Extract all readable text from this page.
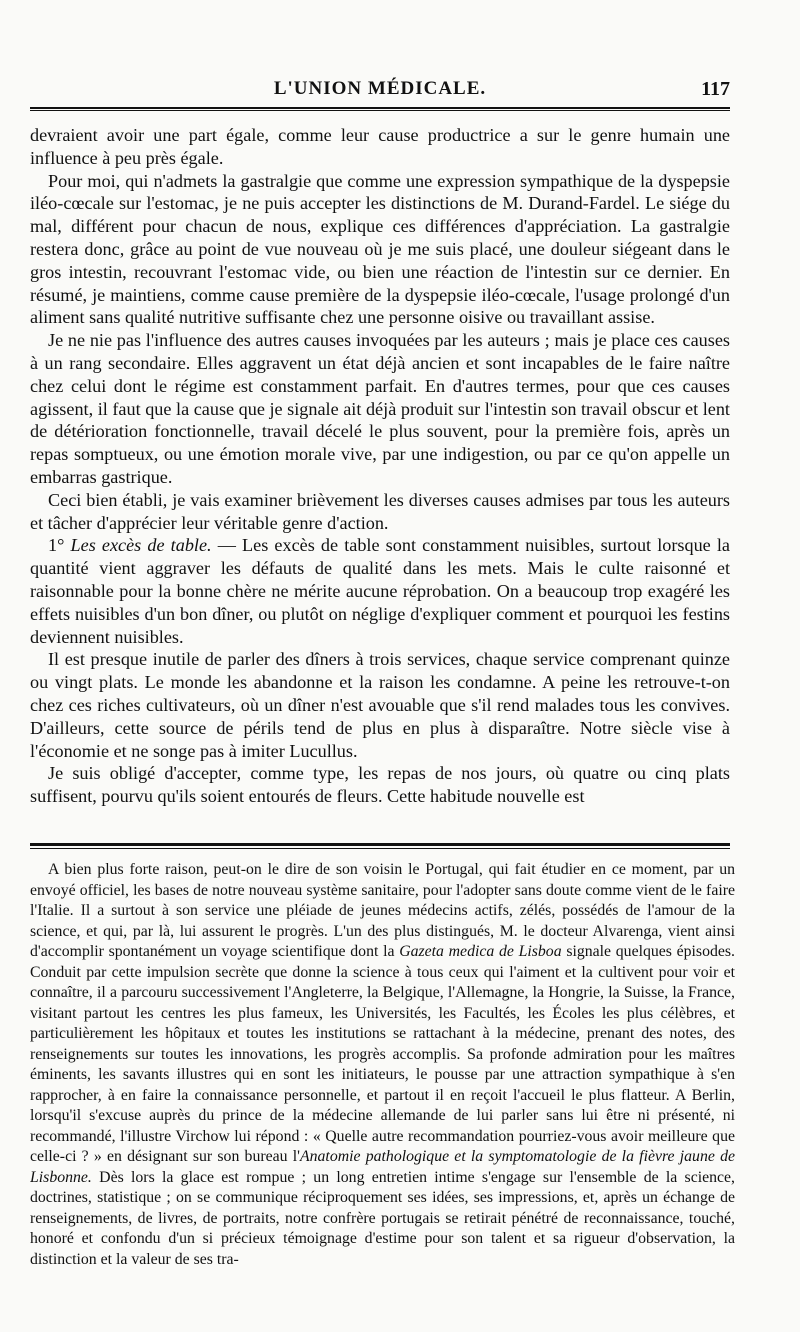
L'UNION MÉDICALE.	117

devraient avoir une part égale, comme leur cause productrice a sur le genre humain une influence à peu près égale.

Pour moi, qui n'admets la gastralgie que comme une expression sympathique de la dyspepsie iléo-cœcale sur l'estomac, je ne puis accepter les distinctions de M. Durand-Fardel. Le siége du mal, différent pour chacun de nous, explique ces différences d'appréciation. La gastralgie restera donc, grâce au point de vue nouveau où je me suis placé, une douleur siégeant dans le gros intestin, recouvrant l'estomac vide, ou bien une réaction de l'intestin sur ce dernier. En résumé, je maintiens, comme cause première de la dyspepsie iléo-cœcale, l'usage prolongé d'un aliment sans qualité nutritive suffisante chez une personne oisive ou travaillant assise.

Je ne nie pas l'influence des autres causes invoquées par les auteurs ; mais je place ces causes à un rang secondaire. Elles aggravent un état déjà ancien et sont incapables de le faire naître chez celui dont le régime est constamment parfait. En d'autres termes, pour que ces causes agissent, il faut que la cause que je signale ait déjà produit sur l'intestin son travail obscur et lent de détérioration fonctionnelle, travail décelé le plus souvent, pour la première fois, après un repas somptueux, ou une émotion morale vive, par une indigestion, ou par ce qu'on appelle un embarras gastrique.

Ceci bien établi, je vais examiner brièvement les diverses causes admises par tous les auteurs et tâcher d'apprécier leur véritable genre d'action.

1° Les excès de table. — Les excès de table sont constamment nuisibles, surtout lorsque la quantité vient aggraver les défauts de qualité dans les mets. Mais le culte raisonné et raisonnable pour la bonne chère ne mérite aucune réprobation. On a beaucoup trop exagéré les effets nuisibles d'un bon dîner, ou plutôt on néglige d'expliquer comment et pourquoi les festins deviennent nuisibles.

Il est presque inutile de parler des dîners à trois services, chaque service comprenant quinze ou vingt plats. Le monde les abandonne et la raison les condamne. A peine les retrouve-t-on chez ces riches cultivateurs, où un dîner n'est avouable que s'il rend malades tous les convives. D'ailleurs, cette source de périls tend de plus en plus à disparaître. Notre siècle vise à l'économie et ne songe pas à imiter Lucullus.

Je suis obligé d'accepter, comme type, les repas de nos jours, où quatre ou cinq plats suffisent, pourvu qu'ils soient entourés de fleurs. Cette habitude nouvelle est

A bien plus forte raison, peut-on le dire de son voisin le Portugal, qui fait étudier en ce moment, par un envoyé officiel, les bases de notre nouveau système sanitaire, pour l'adopter sans doute comme vient de le faire l'Italie. Il a surtout à son service une pléiade de jeunes médecins actifs, zélés, possédés de l'amour de la science, et qui, par là, lui assurent le progrès. L'un des plus distingués, M. le docteur Alvarenga, vient ainsi d'accomplir spontanément un voyage scientifique dont la Gazeta medica de Lisboa signale quelques épisodes. Conduit par cette impulsion secrète que donne la science à tous ceux qui l'aiment et la cultivent pour voir et connaître, il a parcouru successivement l'Angleterre, la Belgique, l'Allemagne, la Hongrie, la Suisse, la France, visitant partout les centres les plus fameux, les Universités, les Facultés, les Écoles les plus célèbres, et particulièrement les hôpitaux et toutes les institutions se rattachant à la médecine, prenant des notes, des renseignements sur toutes les innovations, les progrès accomplis. Sa profonde admiration pour les maîtres éminents, les savants illustres qui en sont les initiateurs, le pousse par une attraction sympathique à s'en rapprocher, à en faire la connaissance personnelle, et partout il en reçoit l'accueil le plus flatteur. A Berlin, lorsqu'il s'excuse auprès du prince de la médecine allemande de lui parler sans lui être ni présenté, ni recommandé, l'illustre Virchow lui répond : « Quelle autre recommandation pourriez-vous avoir meilleure que celle-ci ? » en désignant sur son bureau l'Anatomie pathologique et la symptomatologie de la fièvre jaune de Lisbonne. Dès lors la glace est rompue ; un long entretien intime s'engage sur l'ensemble de la science, doctrines, statistique ; on se communique réciproquement ses idées, ses impressions, et, après un échange de renseignements, de livres, de portraits, notre confrère portugais se retirait pénétré de reconnaissance, touché, honoré et confondu d'un si précieux témoignage d'estime pour son talent et sa rigueur d'observation, la distinction et la valeur de ses tra-
